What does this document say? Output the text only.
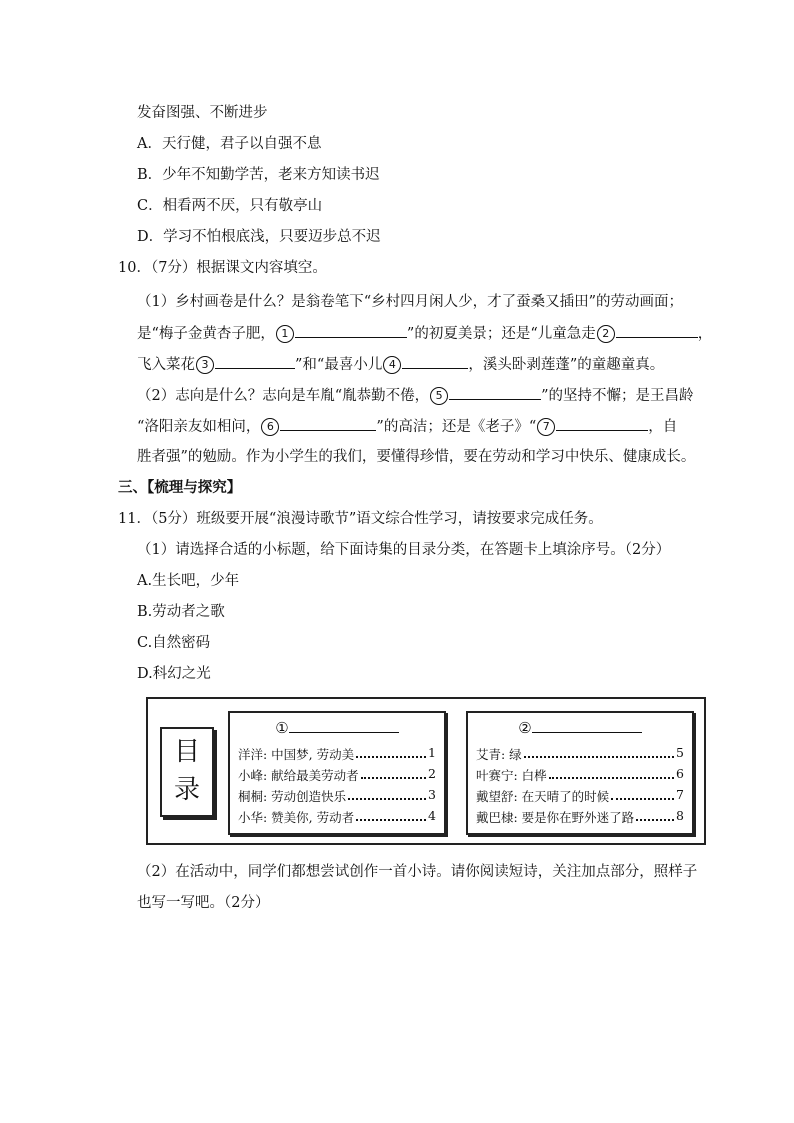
发奋图强、不断进步
A．天行健，君子以自强不息
B．少年不知勤学苦，老来方知读书迟
C．相看两不厌，只有敬亭山
D．学习不怕根底浅，只要迈步总不迟
10．（7分）根据课文内容填空。
（1）乡村画卷是什么？是翁卷笔下“乡村四月闲人少，才了蚕桑又插田”的劳动画面；
是“梅子金黄杏子肥， 1	”的初夏美景；还是“儿童急走 2	，
飞入菜花 3	”和“最喜小儿 4	，溪头卧剥莲蓬”的童趣童真。
（2）志向是什么？志向是车胤“胤恭勤不倦， 5	”的坚持不懈；是王昌龄
“洛阳亲友如相问， 6	”的高洁；还是《老子》“ 7	，自
胜者强”的勉励。作为小学生的我们，要懂得珍惜，要在劳动和学习中快乐、健康成长。
三、【梳理与探究】
11．（5分）班级要开展“浪漫诗歌节”语文综合性学习，请按要求完成任务。
（1）请选择合适的小标题，给下面诗集的目录分类，在答题卡上填涂序号。（2分）
A.生长吧，少年
B.劳动者之歌
C.自然密码
D.科幻之光
目
录
①
洋洋: 中国梦, 劳动美	1
小峰: 献给最美劳动者	2
桐桐: 劳动创造快乐	3
小华: 赞美你, 劳动者	4
②
艾青: 绿	5
叶赛宁: 白桦	6
戴望舒: 在天晴了的时候	7
戴巴棣: 要是你在野外迷了路	8
（2）在活动中，同学们都想尝试创作一首小诗。请你阅读短诗，关注加点部分，照样子
也写一写吧。（2分）
